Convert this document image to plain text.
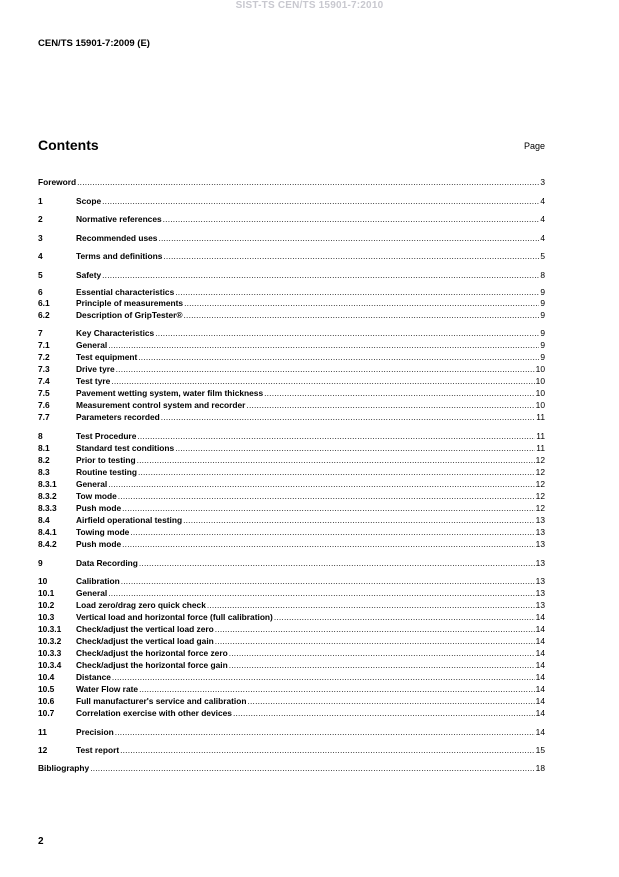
SIST-TS CEN/TS 15901-7:2010
CEN/TS 15901-7:2009 (E)
Contents	Page
Foreword .....	3
1	Scope .....	4
2	Normative references .....	4
3	Recommended uses .....	4
4	Terms and definitions .....	5
5	Safety .....	8
6	Essential characteristics .....	9
6.1	Principle of measurements .....	9
6.2	Description of GripTester® .....	9
7	Key Characteristics .....	9
7.1	General .....	9
7.2	Test equipment .....	9
7.3	Drive tyre .....	10
7.4	Test tyre .....	10
7.5	Pavement wetting system, water film thickness .....	10
7.6	Measurement control system and recorder .....	10
7.7	Parameters recorded .....	11
8	Test Procedure .....	11
8.1	Standard test conditions .....	11
8.2	Prior to testing .....	12
8.3	Routine testing .....	12
8.3.1	General .....	12
8.3.2	Tow mode .....	12
8.3.3	Push mode .....	12
8.4	Airfield operational testing .....	13
8.4.1	Towing mode .....	13
8.4.2	Push mode .....	13
9	Data Recording .....	13
10	Calibration .....	13
10.1	General .....	13
10.2	Load zero/drag zero quick check .....	13
10.3	Vertical load and horizontal force (full calibration) .....	14
10.3.1	Check/adjust the vertical load zero .....	14
10.3.2	Check/adjust the vertical load gain .....	14
10.3.3	Check/adjust the horizontal force zero .....	14
10.3.4	Check/adjust the horizontal force gain .....	14
10.4	Distance .....	14
10.5	Water Flow rate .....	14
10.6	Full manufacturer's service and calibration .....	14
10.7	Correlation exercise with other devices .....	14
11	Precision .....	14
12	Test report .....	15
Bibliography .....	18
2
